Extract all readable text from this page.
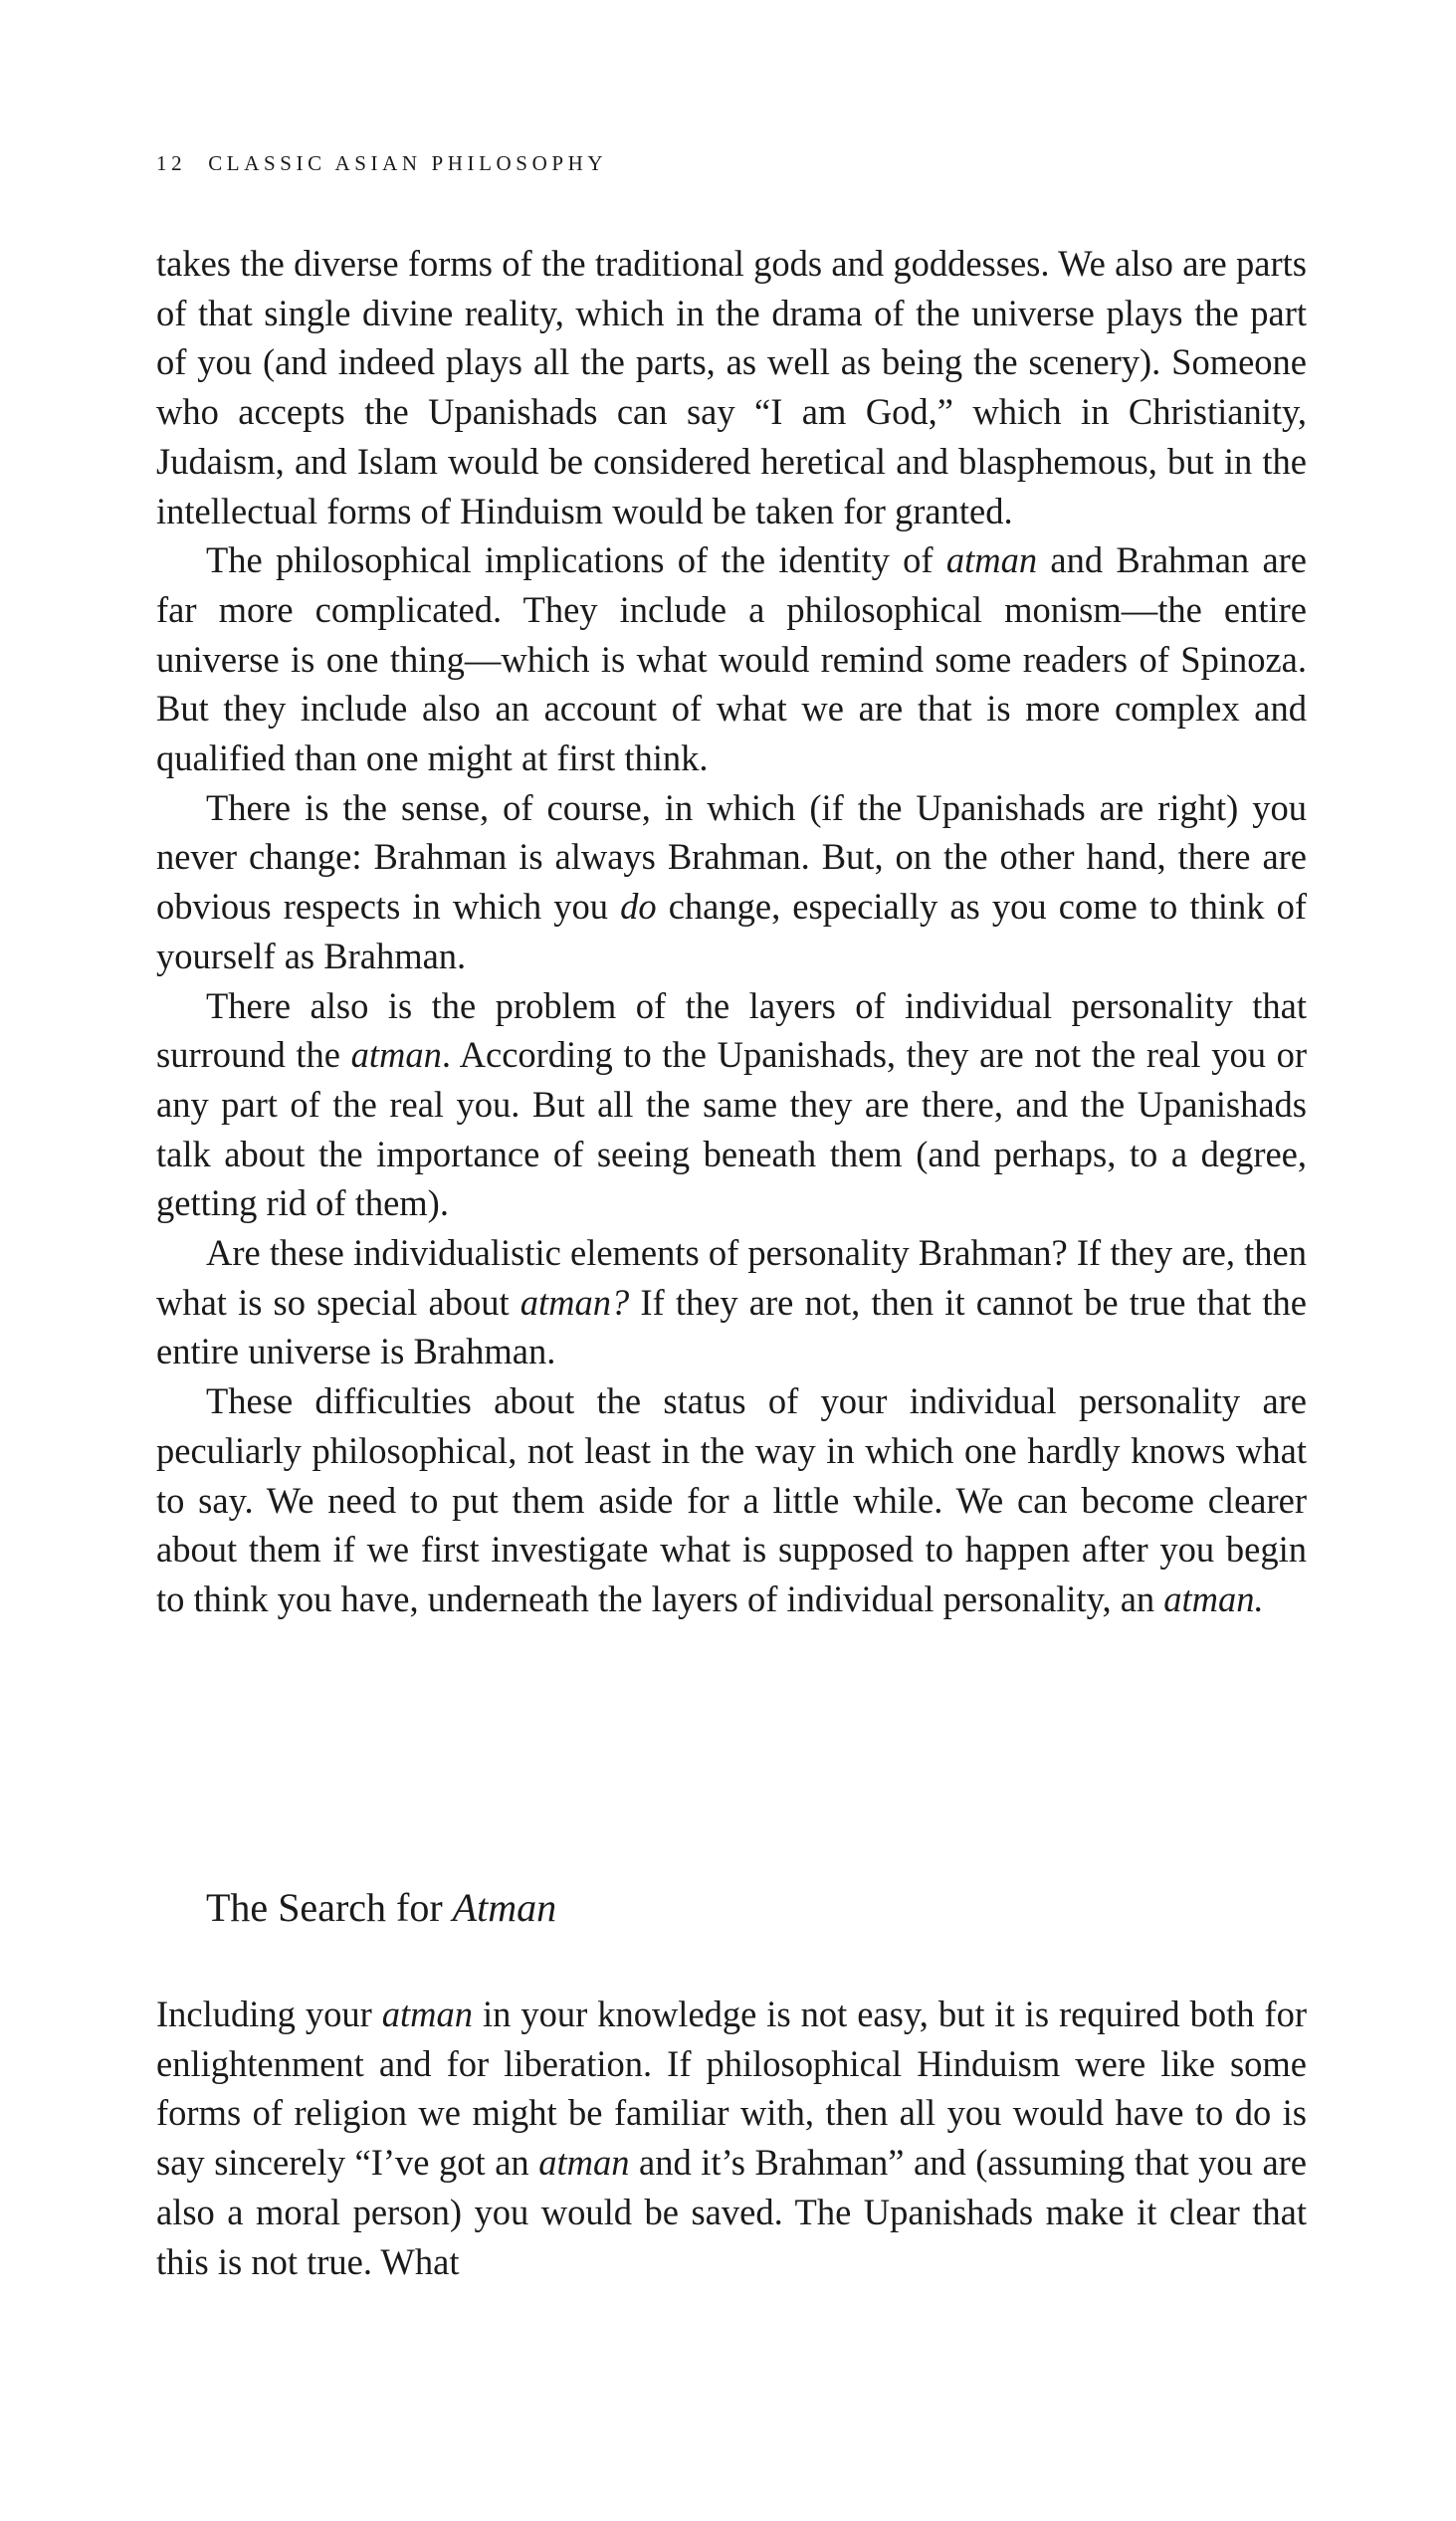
12 CLASSIC ASIAN PHILOSOPHY

takes the diverse forms of the traditional gods and goddesses. We also are parts of that single divine reality, which in the drama of the universe plays the part of you (and indeed plays all the parts, as well as being the scenery). Someone who accepts the Upanishads can say “I am God,” which in Christianity, Judaism, and Islam would be considered heretical and blasphemous, but in the intellectual forms of Hinduism would be taken for granted.

The philosophical implications of the identity of atman and Brahman are far more complicated. They include a philosophical monism—the entire universe is one thing—which is what would remind some readers of Spinoza. But they include also an account of what we are that is more complex and qualified than one might at first think.

There is the sense, of course, in which (if the Upanishads are right) you never change: Brahman is always Brahman. But, on the other hand, there are obvious respects in which you do change, especially as you come to think of yourself as Brahman.

There also is the problem of the layers of individual personality that surround the atman. According to the Upanishads, they are not the real you or any part of the real you. But all the same they are there, and the Upanishads talk about the importance of seeing beneath them (and perhaps, to a degree, getting rid of them).

Are these individualistic elements of personality Brahman? If they are, then what is so special about atman? If they are not, then it cannot be true that the entire universe is Brahman.

These difficulties about the status of your individual personality are peculiarly philosophical, not least in the way in which one hardly knows what to say. We need to put them aside for a little while. We can become clearer about them if we first investigate what is supposed to happen after you begin to think you have, underneath the layers of individual personality, an atman.

The Search for Atman

Including your atman in your knowledge is not easy, but it is required both for enlightenment and for liberation. If philosophical Hinduism were like some forms of religion we might be familiar with, then all you would have to do is say sincerely “I’ve got an atman and it’s Brahman” and (assuming that you are also a moral person) you would be saved. The Upanishads make it clear that this is not true. What
